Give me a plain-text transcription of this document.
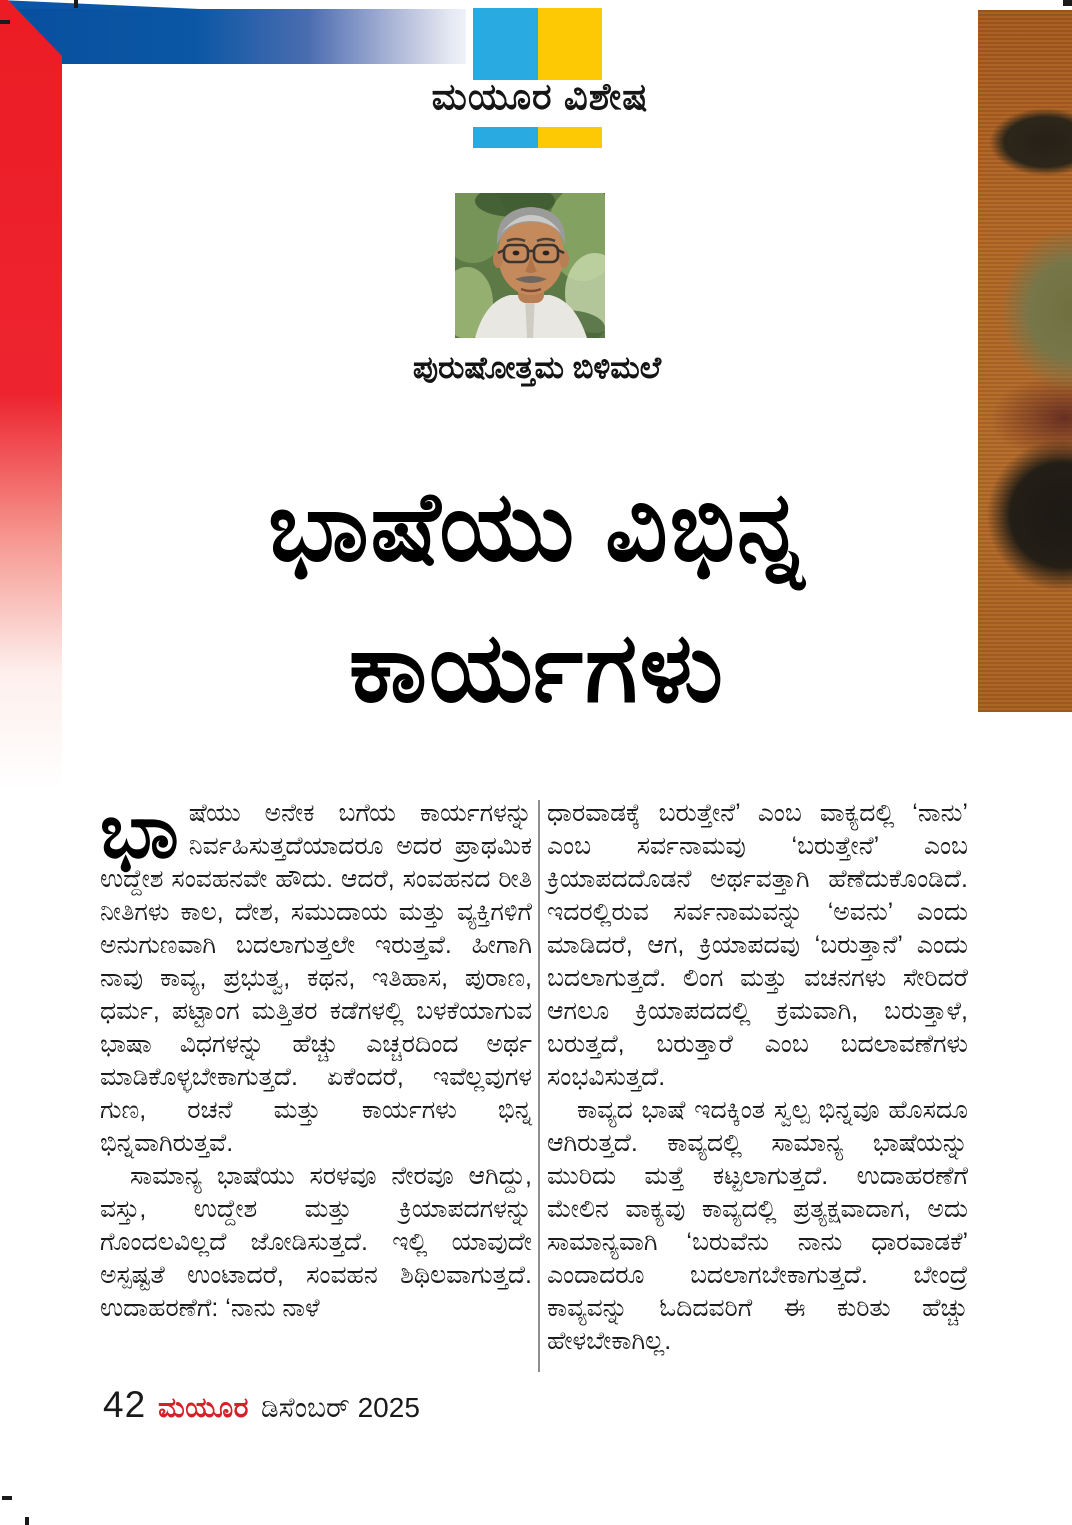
ಮಯೂರ ವಿಶೇಷ
ಪುರುಷೋತ್ತಮ ಬಿಳಿಮಲೆ
ಭಾಷೆಯು ವಿಭಿನ್ನ
ಕಾರ್ಯಗಳು

ಭಾಷೆಯು ಅನೇಕ ಬಗೆಯ ಕಾರ್ಯಗಳನ್ನು ನಿರ್ವಹಿಸುತ್ತದೆಯಾದರೂ ಅದರ ಪ್ರಾಥಮಿಕ ಉದ್ದೇಶ ಸಂವಹನವೇ ಹೌದು. ಆದರೆ, ಸಂವಹನದ ರೀತಿ ನೀತಿಗಳು ಕಾಲ, ದೇಶ, ಸಮುದಾಯ ಮತ್ತು ವ್ಯಕ್ತಿಗಳಿಗೆ ಅನುಗುಣವಾಗಿ ಬದಲಾಗುತ್ತಲೇ ಇರುತ್ತವೆ. ಹೀಗಾಗಿ ನಾವು ಕಾವ್ಯ, ಪ್ರಭುತ್ವ, ಕಥನ, ಇತಿಹಾಸ, ಪುರಾಣ, ಧರ್ಮ, ಪಟ್ಟಾಂಗ ಮತ್ತಿತರ ಕಡೆಗಳಲ್ಲಿ ಬಳಕೆಯಾಗುವ ಭಾಷಾ ವಿಧಗಳನ್ನು ಹೆಚ್ಚು ಎಚ್ಚರದಿಂದ ಅರ್ಥ ಮಾಡಿಕೊಳ್ಳಬೇಕಾಗುತ್ತದೆ. ಏಕೆಂದರೆ, ಇವೆಲ್ಲವುಗಳ ಗುಣ, ರಚನೆ ಮತ್ತು ಕಾರ್ಯಗಳು ಭಿನ್ನ ಭಿನ್ನವಾಗಿರುತ್ತವೆ.

ಸಾಮಾನ್ಯ ಭಾಷೆಯು ಸರಳವೂ ನೇರವೂ ಆಗಿದ್ದು, ವಸ್ತು, ಉದ್ದೇಶ ಮತ್ತು ಕ್ರಿಯಾಪದಗಳನ್ನು ಗೊಂದಲವಿಲ್ಲದೆ ಜೋಡಿಸುತ್ತದೆ. ಇಲ್ಲಿ ಯಾವುದೇ ಅಸ್ಪಷ್ಟತೆ ಉಂಟಾದರೆ, ಸಂವಹನ ಶಿಥಿಲವಾಗುತ್ತದೆ. ಉದಾಹರಣೆಗೆ: ‘ನಾನು ನಾಳೆ

ಧಾರವಾಡಕ್ಕೆ ಬರುತ್ತೇನೆ’ ಎಂಬ ವಾಕ್ಯದಲ್ಲಿ ‘ನಾನು’ ಎಂಬ ಸರ್ವನಾಮವು ‘ಬರುತ್ತೇನೆ’ ಎಂಬ ಕ್ರಿಯಾಪದದೊಡನೆ ಅರ್ಥವತ್ತಾಗಿ ಹೆಣೆದುಕೊಂಡಿದೆ. ಇದರಲ್ಲಿರುವ ಸರ್ವನಾಮವನ್ನು ‘ಅವನು’ ಎಂದು ಮಾಡಿದರೆ, ಆಗ, ಕ್ರಿಯಾಪದವು ‘ಬರುತ್ತಾನೆ’ ಎಂದು ಬದಲಾಗುತ್ತದೆ. ಲಿಂಗ ಮತ್ತು ವಚನಗಳು ಸೇರಿದರೆ ಆಗಲೂ ಕ್ರಿಯಾಪದದಲ್ಲಿ ಕ್ರಮವಾಗಿ, ಬರುತ್ತಾಳೆ, ಬರುತ್ತದೆ, ಬರುತ್ತಾರೆ ಎಂಬ ಬದಲಾವಣೆಗಳು ಸಂಭವಿಸುತ್ತದೆ.

ಕಾವ್ಯದ ಭಾಷೆ ಇದಕ್ಕಿಂತ ಸ್ವಲ್ಪ ಭಿನ್ನವೂ ಹೊಸದೂ ಆಗಿರುತ್ತದೆ. ಕಾವ್ಯದಲ್ಲಿ ಸಾಮಾನ್ಯ ಭಾಷೆಯನ್ನು ಮುರಿದು ಮತ್ತೆ ಕಟ್ಟಲಾಗುತ್ತದೆ. ಉದಾಹರಣೆಗೆ ಮೇಲಿನ ವಾಕ್ಯವು ಕಾವ್ಯದಲ್ಲಿ ಪ್ರತ್ಯಕ್ಷವಾದಾಗ, ಅದು ಸಾಮಾನ್ಯವಾಗಿ ‘ಬರುವೆನು ನಾನು ಧಾರವಾಡಕೆ’ ಎಂದಾದರೂ ಬದಲಾಗಬೇಕಾಗುತ್ತದೆ. ಬೇಂದ್ರೆ ಕಾವ್ಯವನ್ನು ಓದಿದವರಿಗೆ ಈ ಕುರಿತು ಹೆಚ್ಚು ಹೇಳಬೇಕಾಗಿಲ್ಲ.

42 ಮಯೂರ ಡಿಸೆಂಬರ್ 2025
